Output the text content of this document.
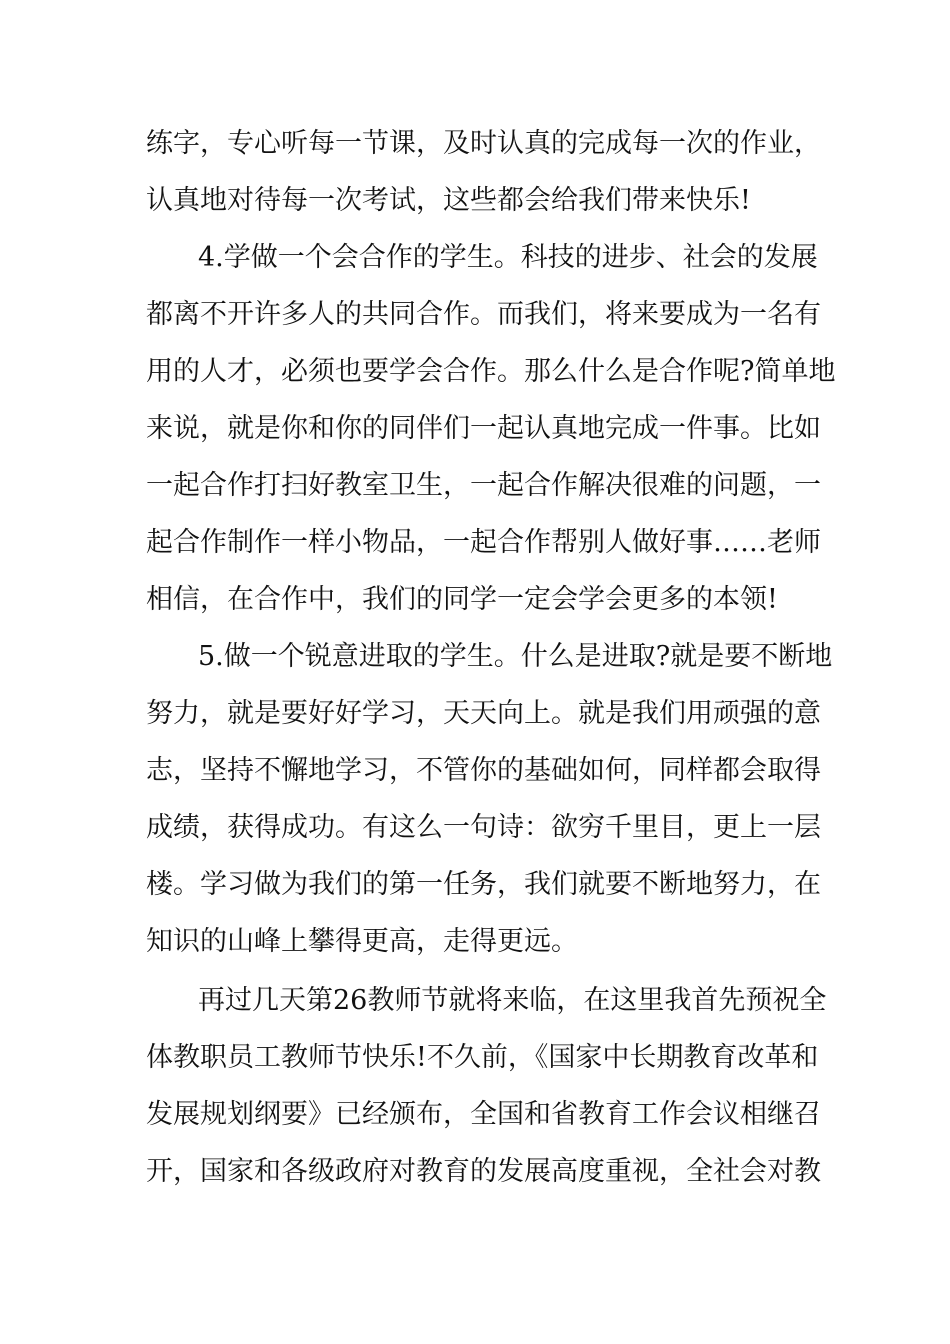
练字，专心听每一节课，及时认真的完成每一次的作业，
认真地对待每一次考试，这些都会给我们带来快乐!
4.学做一个会合作的学生。科技的进步、社会的发展
都离不开许多人的共同合作。而我们，将来要成为一名有
用的人才，必须也要学会合作。那么什么是合作呢?简单地
来说，就是你和你的同伴们一起认真地完成一件事。比如
一起合作打扫好教室卫生，一起合作解决很难的问题，一
起合作制作一样小物品，一起合作帮别人做好事……老师
相信，在合作中，我们的同学一定会学会更多的本领!
5.做一个锐意进取的学生。什么是进取?就是要不断地
努力，就是要好好学习，天天向上。就是我们用顽强的意
志，坚持不懈地学习，不管你的基础如何，同样都会取得
成绩，获得成功。有这么一句诗：欲穷千里目，更上一层
楼。学习做为我们的第一任务，我们就要不断地努力，在
知识的山峰上攀得更高，走得更远。
再过几天第26教师节就将来临，在这里我首先预祝全
体教职员工教师节快乐!不久前，《国家中长期教育改革和
发展规划纲要》已经颁布，全国和省教育工作会议相继召
开，国家和各级政府对教育的发展高度重视，全社会对教
